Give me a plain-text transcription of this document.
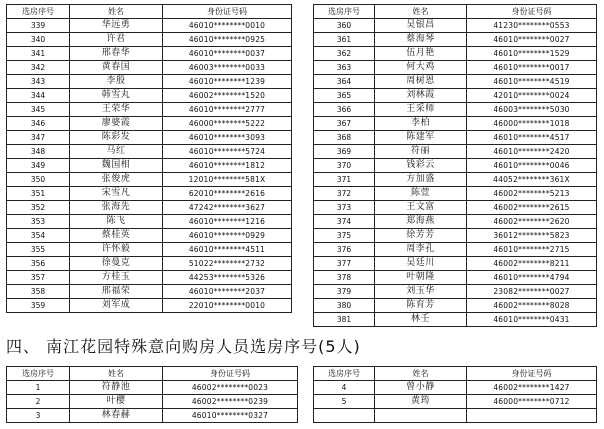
选房序号	姓名	身份证号码
339	华远勇	46010********0010
340	许君	46010********0925
341	邢春华	46010********0037
342	黄春国	46003********0033
343	李殷	46010********1239
344	韩雪丸	46002********1520
345	王荣华	46010********2777
346	廖婆霞	46000********5222
347	陈彩发	46010********3093
348	马红	46010********5724
349	魏国相	46010********1812
350	张俊虎	12010********581X
351	宋雪凡	62010********2616
352	张海先	47242********3627
353	陈飞	46010********1216
354	蔡桂英	46010********0929
355	许怀毅	46010********4511
356	徐曼克	51022********2732
357	方桂玉	44253********5326
358	邢福荣	46010********2037
359	刘军成	22010********0010
选房序号	姓名	身份证号码
360	吴银昌	41230********0553
361	蔡海琴	46010********0027
362	伍月艳	46010********1529
363	何大鸡	46010********0017
364	周树恩	46010********4519
365	刘林霞	42010********0024
366	王采师	46003********5030
367	李柏	46000********1018
368	陈建军	46010********4517
369	符丽	46010********2420
370	钱彩云	46010********0046
371	方加盛	44052********361X
372	陈萱	46002********5213
373	王文富	46002********2615
374	郑海燕	46002********2620
375	徐芳芳	36012********5823
376	周李孔	46010********2715
377	吴廷川	46002********8211
378	叶朝隆	46010********4794
379	刘玉华	23082********0027
380	陈育芳	46002********8028
381	林壬	46010********0431
四、 南江花园特殊意向购房人员选房序号(5人)
选房序号	姓名	身份证号码
1	符静池	46002********0023
2	叶樱	46002********0239
3	林春赫	46010********0327
选房序号	姓名	身份证号码
4	曾小静	46002********1427
5	黄筠	46000********0712
